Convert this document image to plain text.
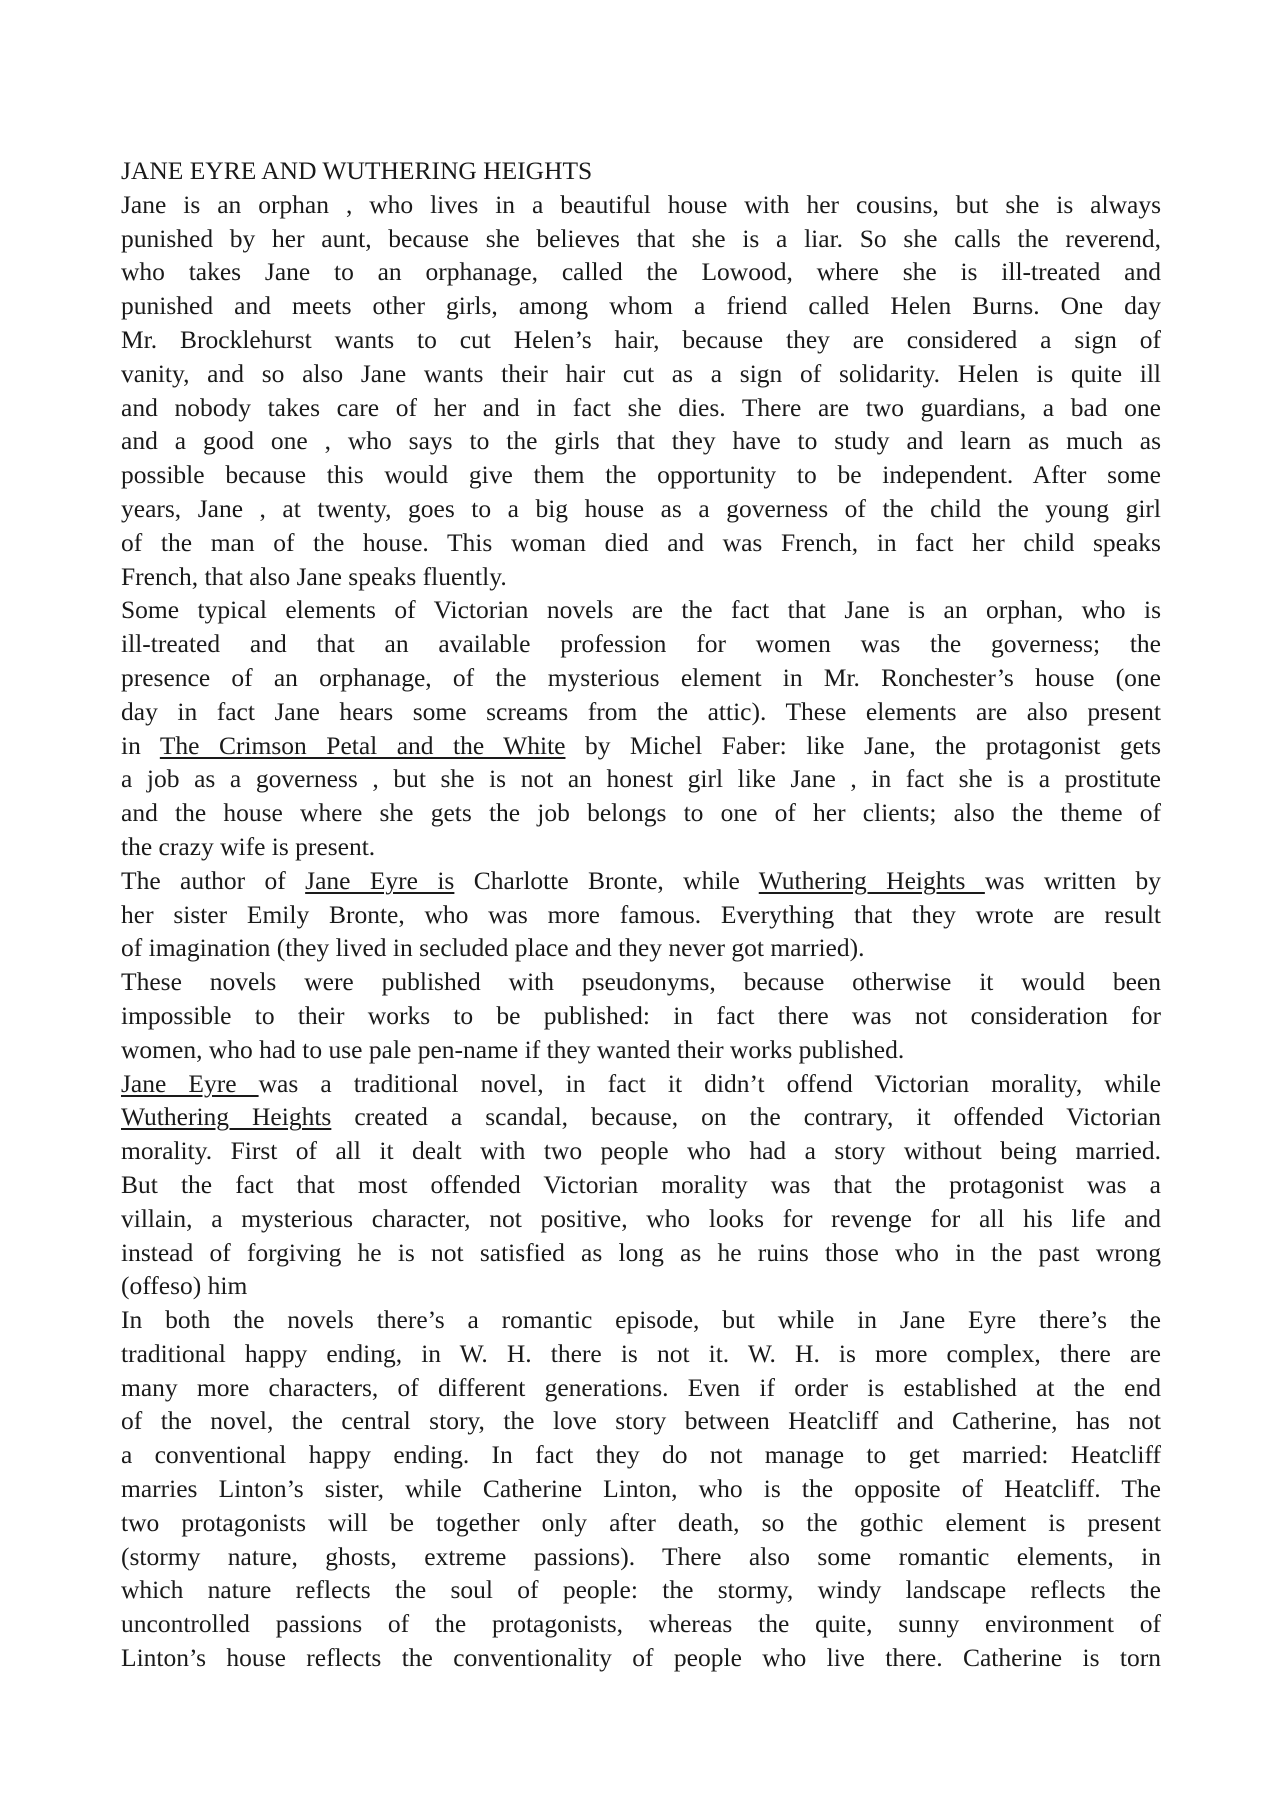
JANE EYRE AND WUTHERING HEIGHTS
Jane is an orphan , who lives in a beautiful house with her cousins, but she is always
punished by her aunt, because she believes that she is a liar. So she calls the reverend,
who takes Jane to an orphanage, called the Lowood, where she is ill-treated and
punished and meets other girls, among whom a friend called Helen Burns. One day
Mr. Brocklehurst wants to cut Helen’s hair, because they are considered a sign of
vanity, and so also Jane wants their hair cut as a sign of solidarity. Helen is quite ill
and nobody takes care of her and in fact she dies. There are two guardians, a bad one
and a good one , who says to the girls that they have to study and learn as much as
possible because this would give them the opportunity to be independent. After some
years, Jane , at twenty, goes to a big house as a governess of the child the young girl
of the man of the house. This woman died and was French, in fact her child speaks
French, that also Jane speaks fluently.
Some typical elements of Victorian novels are the fact that Jane is an orphan, who is
ill-treated and that an available profession for women was the governess; the
presence of an orphanage, of the mysterious element in Mr. Ronchester’s house (one
day in fact Jane hears some screams from the attic). These elements are also present
in The Crimson Petal and the White by Michel Faber: like Jane, the protagonist gets
a job as a governess , but she is not an honest girl like Jane , in fact she is a prostitute
and the house where she gets the job belongs to one of her clients; also the theme of
the crazy wife is present.
The author of Jane Eyre is Charlotte Bronte, while Wuthering Heights was written by
her sister Emily Bronte, who was more famous. Everything that they wrote are result
of imagination (they lived in secluded place and they never got married).
These novels were published with pseudonyms, because otherwise it would been
impossible to their works to be published: in fact there was not consideration for
women, who had to use pale pen-name if they wanted their works published.
Jane Eyre was a traditional novel, in fact it didn’t offend Victorian morality, while
Wuthering Heights created a scandal, because, on the contrary, it offended Victorian
morality. First of all it dealt with two people who had a story without being married.
But the fact that most offended Victorian morality was that the protagonist was a
villain, a mysterious character, not positive, who looks for revenge for all his life and
instead of forgiving he is not satisfied as long as he ruins those who in the past wrong
(offeso) him
In both the novels there’s a romantic episode, but while in Jane Eyre there’s the
traditional happy ending, in W. H. there is not it. W. H. is more complex, there are
many more characters, of different generations. Even if order is established at the end
of the novel, the central story, the love story between Heatcliff and Catherine, has not
a conventional happy ending. In fact they do not manage to get married: Heatcliff
marries Linton’s sister, while Catherine Linton, who is the opposite of Heatcliff. The
two protagonists will be together only after death, so the gothic element is present
(stormy nature, ghosts, extreme passions). There also some romantic elements, in
which nature reflects the soul of people: the stormy, windy landscape reflects the
uncontrolled passions of the protagonists, whereas the quite, sunny environment of
Linton’s house reflects the conventionality of people who live there. Catherine is torn
